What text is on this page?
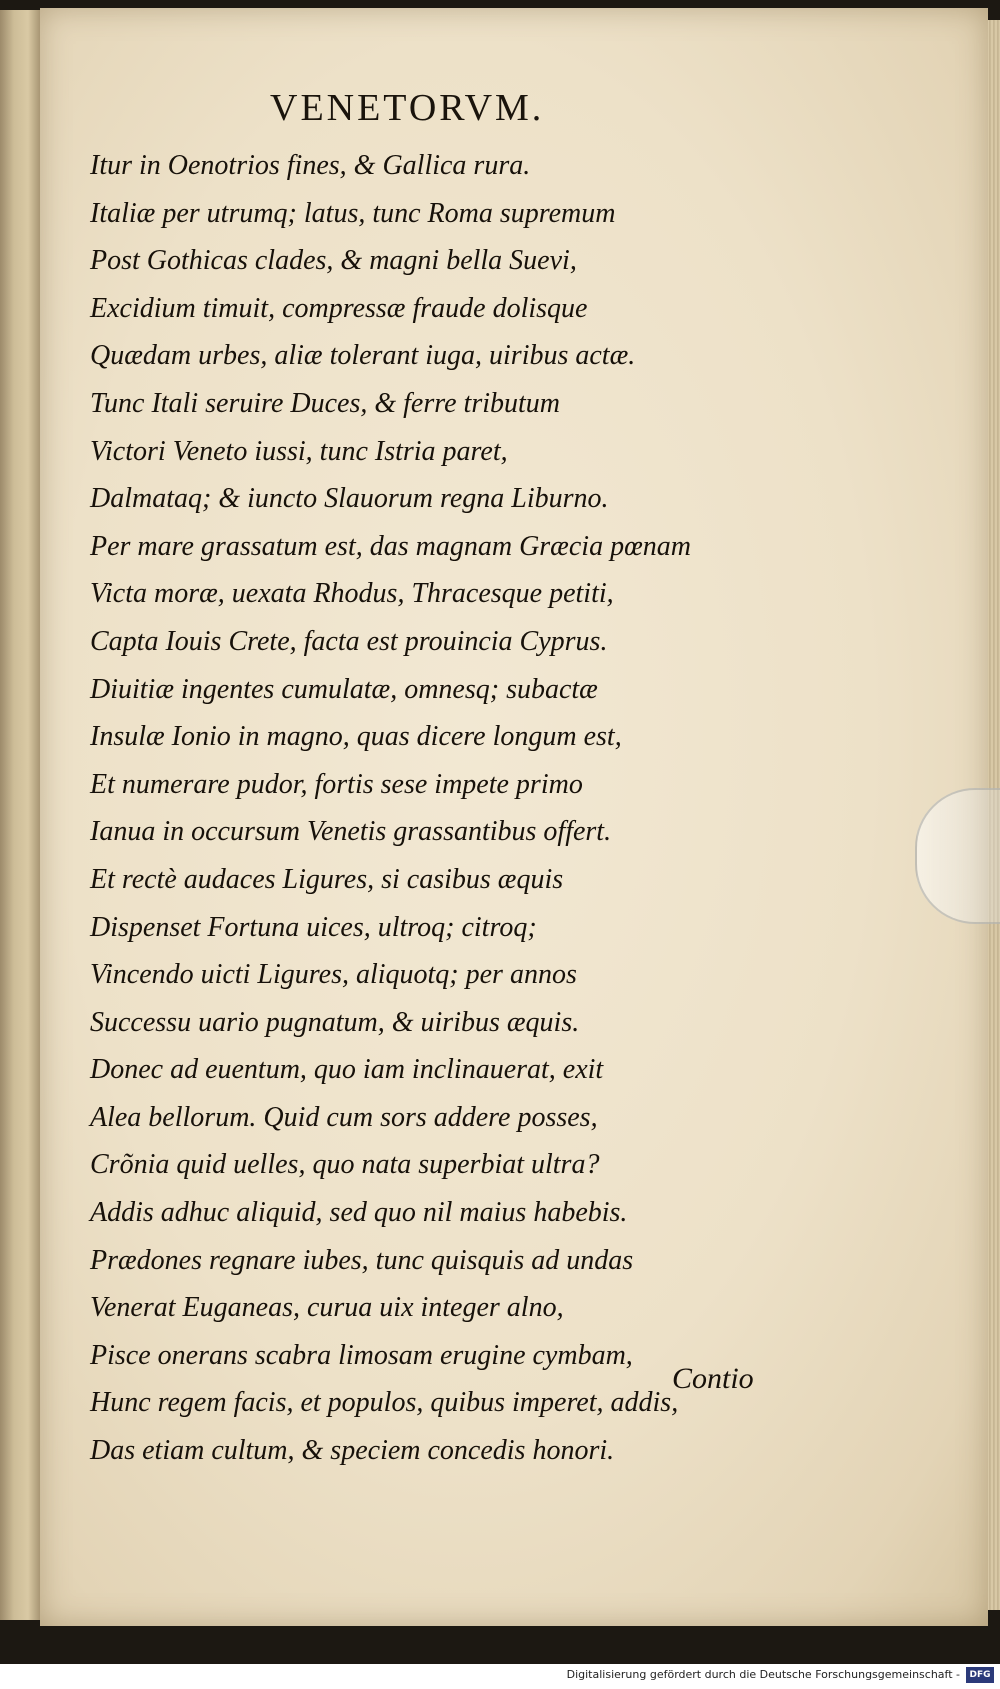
VENETORVM.
Itur in Oenotrios fines, & Gallica rura.
Italiæ per utrumq; latus, tunc Roma supremum
Post Gothicas clades, & magni bella Suevi,
Excidium timuit, compressæ fraude dolisque
Quædam urbes, aliæ tolerant iuga, uiribus actæ.
Tunc Itali seruire Duces, & ferre tributum
Victori Veneto iussi, tunc Istria paret,
Dalmataq; & iuncto Slauorum regna Liburno.
Per mare grassatum est, das magnam Græcia pœnam
Victa moræ, uexata Rhodus, Thracesque petiti,
Capta Iouis Crete, facta est prouincia Cyprus.
Diuitiæ ingentes cumulatæ, omnesq; subactæ
Insulæ Ionio in magno, quas dicere longum est,
Et numerare pudor, fortis sese impete primo
Ianua in occursum Venetis grassantibus offert.
Et rectè audaces Ligures, si casibus æquis
Dispenset Fortuna uices, ultroq; citroq;
Vincendo uicti Ligures, aliquotq; per annos
Successu uario pugnatum, & uiribus æquis.
Donec ad euentum, quo iam inclinauerat, exit
Alea bellorum. Quid cum sors addere posses,
Crõnia quid uelles, quo nata superbiat ultra?
Addis adhuc aliquid, sed quo nil maius habebis.
Prædones regnare iubes, tunc quisquis ad undas
Venerat Euganeas, curua uix integer alno,
Pisce onerans scabra limosam erugine cymbam,
Hunc regem facis, et populos, quibus imperet, addis,
Das etiam cultum, & speciem concedis honori.
Contio
Digitalisierung gefördert durch die Deutsche Forschungsgemeinschaft -	DFG
